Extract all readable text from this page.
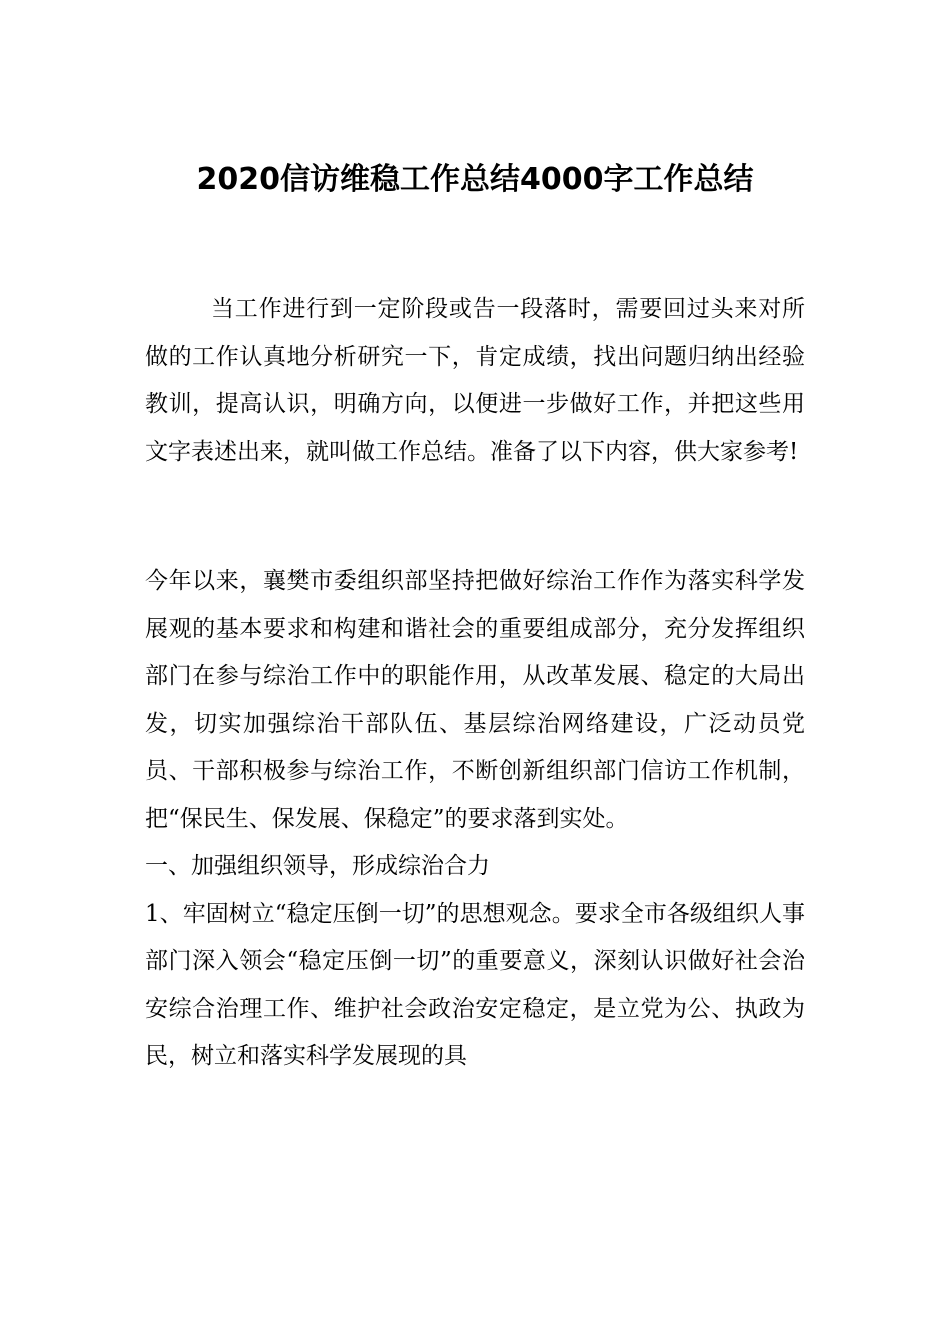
2020信访维稳工作总结4000字工作总结

当工作进行到一定阶段或告一段落时，需要回过头来对所做的工作认真地分析研究一下，肯定成绩，找出问题归纳出经验教训，提高认识，明确方向，以便进一步做好工作，并把这些用文字表述出来，就叫做工作总结。准备了以下内容，供大家参考!

今年以来，襄樊市委组织部坚持把做好综治工作作为落实科学发展观的基本要求和构建和谐社会的重要组成部分，充分发挥组织部门在参与综治工作中的职能作用，从改革发展、稳定的大局出发，切实加强综治干部队伍、基层综治网络建设，广泛动员党员、干部积极参与综治工作，不断创新组织部门信访工作机制，把“保民生、保发展、保稳定”的要求落到实处。

一、加强组织领导，形成综治合力

1、牢固树立“稳定压倒一切”的思想观念。要求全市各级组织人事部门深入领会“稳定压倒一切”的重要意义，深刻认识做好社会治安综合治理工作、维护社会政治安定稳定，是立党为公、执政为民，树立和落实科学发展现的具
